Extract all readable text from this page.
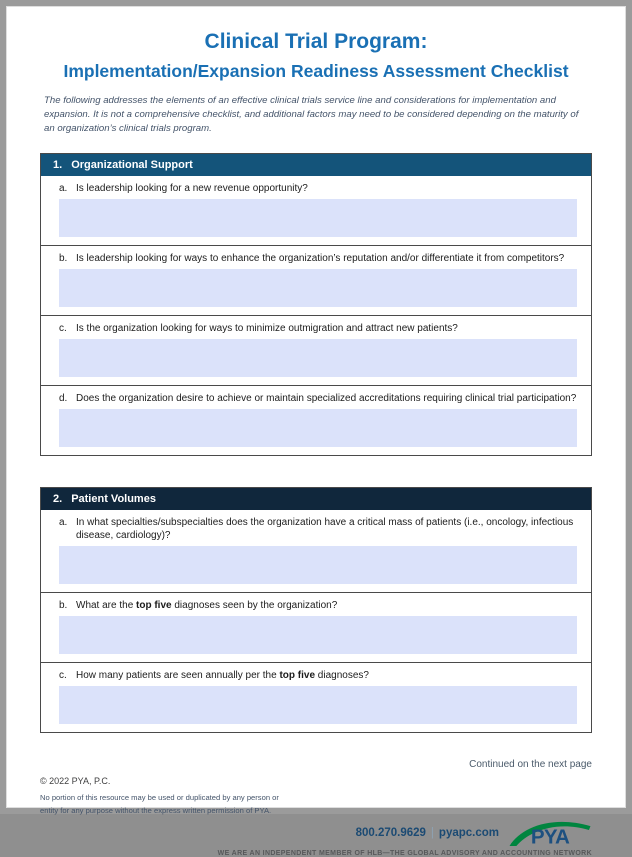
Clinical Trial Program:
Implementation/Expansion Readiness Assessment Checklist

The following addresses the elements of an effective clinical trials service line and considerations for implementation and expansion. It is not a comprehensive checklist, and additional factors may need to be considered depending on the maturity of an organization’s clinical trials program.

1. Organizational Support
a. Is leadership looking for a new revenue opportunity?
b. Is leadership looking for ways to enhance the organization’s reputation and/or differentiate it from competitors?
c. Is the organization looking for ways to minimize outmigration and attract new patients?
d. Does the organization desire to achieve or maintain specialized accreditations requiring clinical trial participation?
2. Patient Volumes
a. In what specialties/subspecialties does the organization have a critical mass of patients (i.e., oncology, infectious disease, cardiology)?
b. What are the top five diagnoses seen by the organization?
c. How many patients are seen annually per the top five diagnoses?
Continued on the next page
© 2022 PYA, P.C.
No portion of this resource may be used or duplicated by any person or
entity for any purpose without the express written permission of PYA.
800.270.9629 | pyapc.com PYA
WE ARE AN INDEPENDENT MEMBER OF HLB—THE GLOBAL ADVISORY AND ACCOUNTING NETWORK
